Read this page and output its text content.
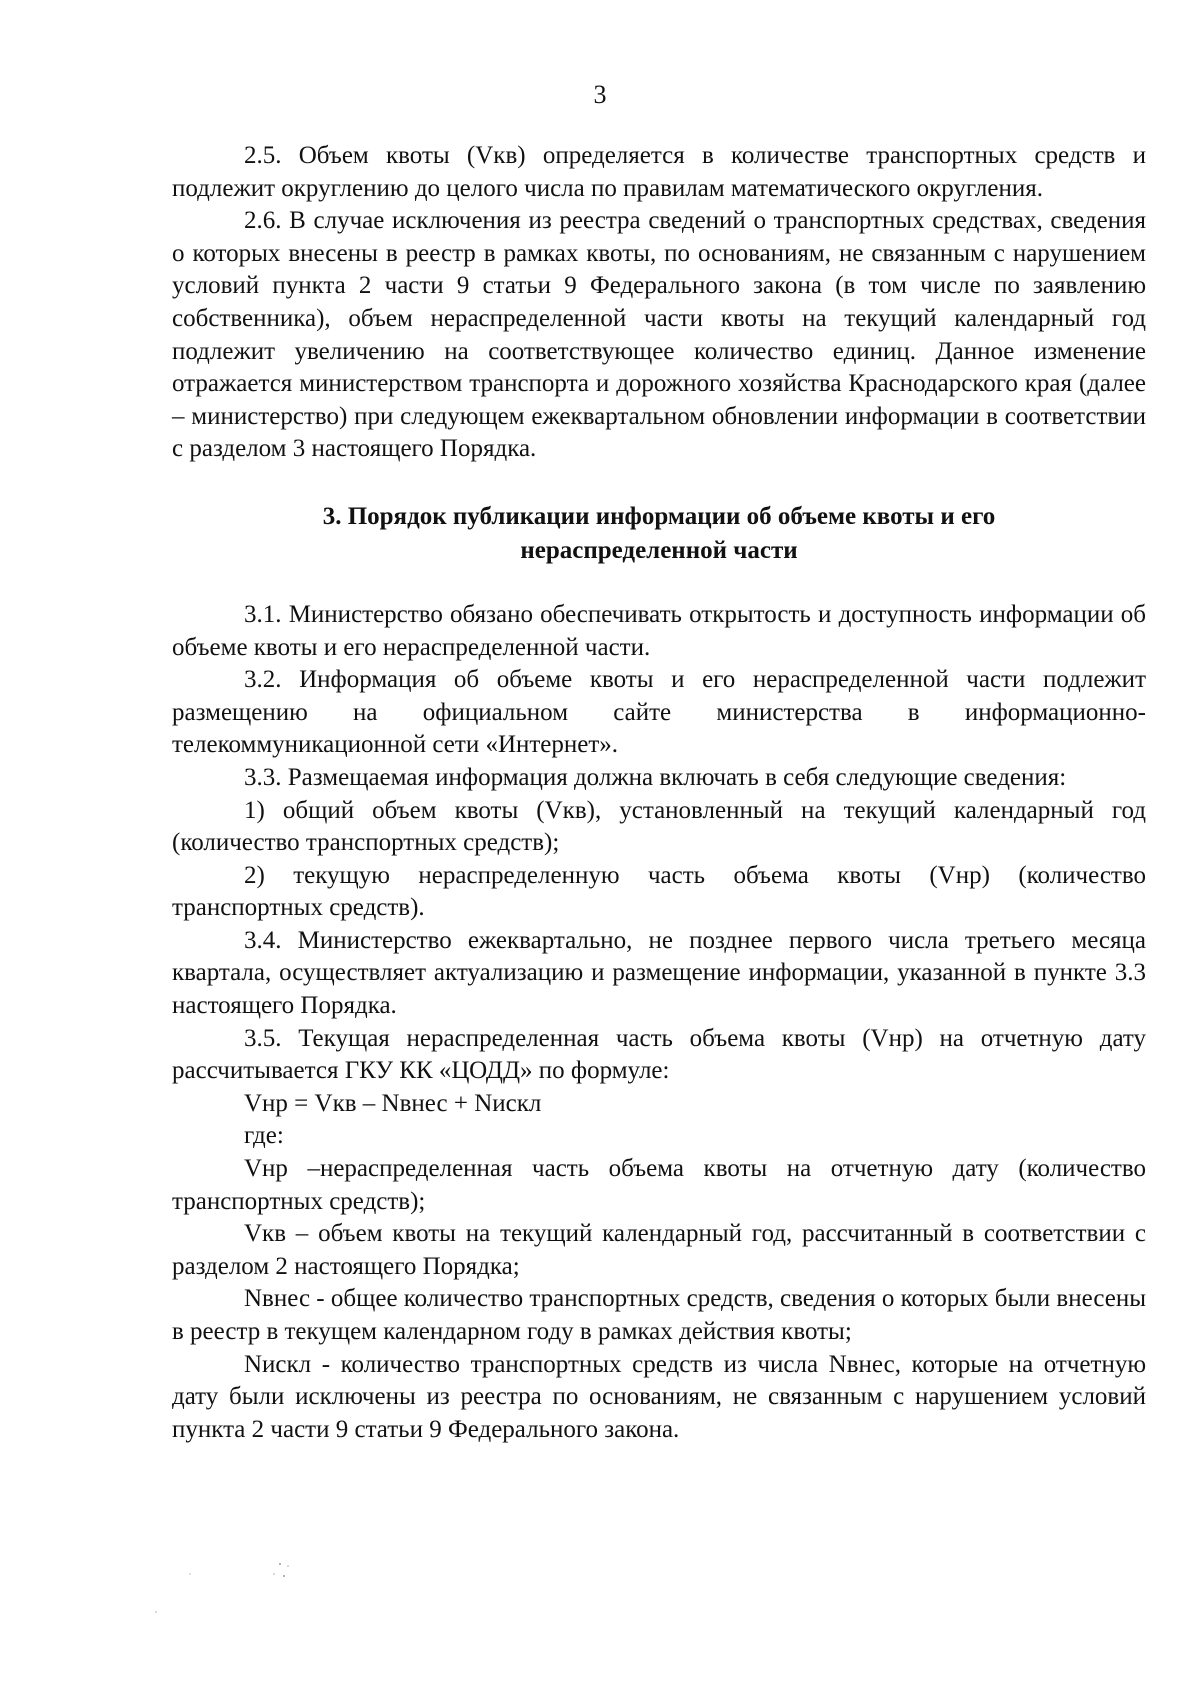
3

2.5. Объем квоты (Vкв) определяется в количестве транспортных средств и подлежит округлению до целого числа по правилам математического округления.

2.6. В случае исключения из реестра сведений о транспортных средствах, сведения о которых внесены в реестр в рамках квоты, по основаниям, не связанным с нарушением условий пункта 2 части 9 статьи 9 Федерального закона (в том числе по заявлению собственника), объем нераспределенной части квоты на текущий календарный год подлежит увеличению на соответствующее количество единиц. Данное изменение отражается министерством транспорта и дорожного хозяйства Краснодарского края (далее – министерство) при следующем ежеквартальном обновлении информации в соответствии с разделом 3 настоящего Порядка.

3. Порядок публикации информации об объеме квоты и его
нераспределенной части

3.1. Министерство обязано обеспечивать открытость и доступность информации об объеме квоты и его нераспределенной части.

3.2. Информация об объеме квоты и его нераспределенной части подлежит размещению на официальном сайте министерства в информационно-телекоммуникационной сети «Интернет».

3.3. Размещаемая информация должна включать в себя следующие сведения:

1) общий объем квоты (Vкв), установленный на текущий календарный год (количество транспортных средств);

2) текущую нераспределенную часть объема квоты (Vнр) (количество транспортных средств).

3.4. Министерство ежеквартально, не позднее первого числа третьего месяца квартала, осуществляет актуализацию и размещение информации, указанной в пункте 3.3 настоящего Порядка.

3.5. Текущая нераспределенная часть объема квоты (Vнр) на отчетную дату рассчитывается ГКУ КК «ЦОДД» по формуле:

Vнр = Vкв – Nвнес + Nискл

где:

Vнр –нераспределенная часть объема квоты на отчетную дату (количество транспортных средств);

Vкв – объем квоты на текущий календарный год, рассчитанный в соответствии с разделом 2 настоящего Порядка;

Nвнес - общее количество транспортных средств, сведения о которых были внесены в реестр в текущем календарном году в рамках действия квоты;

Nискл - количество транспортных средств из числа Nвнес, которые на отчетную дату были исключены из реестра по основаниям, не связанным с нарушением условий пункта 2 части 9 статьи 9 Федерального закона.
